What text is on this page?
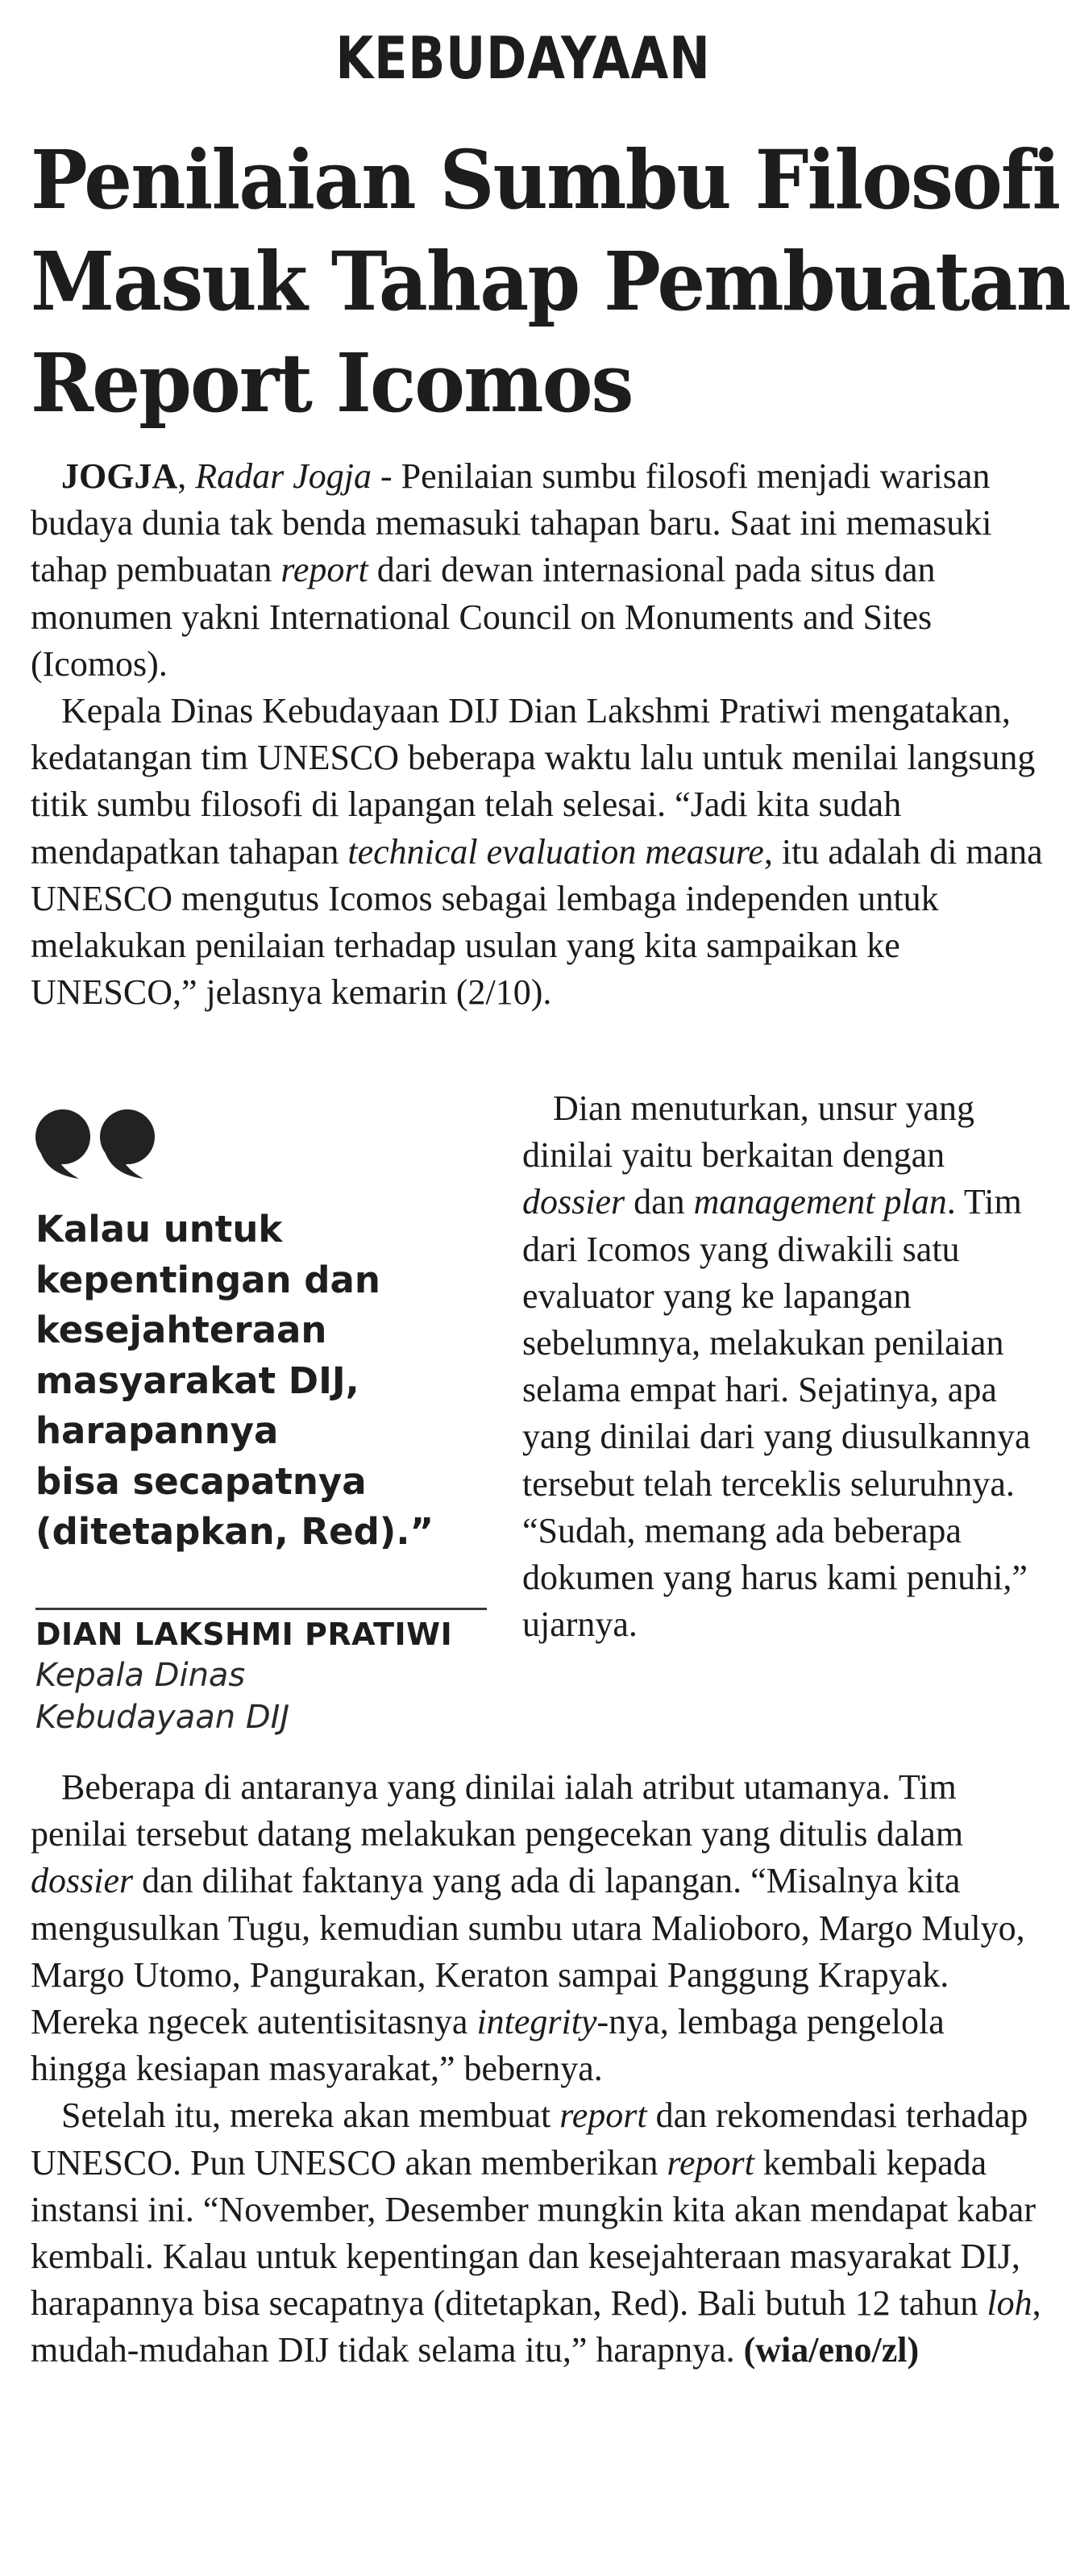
KEBUDAYAAN
Penilaian Sumbu Filosofi
Masuk Tahap Pembuatan
Report Icomos

JOGJA, Radar Jogja - Penilaian sumbu filosofi menjadi warisan budaya dunia tak benda memasuki tahapan baru. Saat ini memasuki tahap pembuatan report dari dewan internasional pada situs dan monumen yakni International Council on Monuments and Sites (Icomos).

Kepala Dinas Kebudayaan DIJ Dian Lakshmi Pratiwi mengatakan, kedatangan tim UNESCO beberapa waktu lalu untuk menilai langsung titik sumbu filosofi di lapangan telah selesai. “Jadi kita sudah mendapatkan tahapan technical evaluation measure, itu adalah di mana UNESCO mengutus Icomos sebagai lembaga independen untuk melakukan penilaian terhadap usulan yang kita sampaikan ke UNESCO,” jelasnya kemarin (2/10).

Kalau untuk
kepentingan dan
kesejahteraan
masyarakat DIJ,
harapannya
bisa secapatnya
(ditetapkan, Red).”
DIAN LAKSHMI PRATIWI
Kepala Dinas
Kebudayaan DIJ

Dian menuturkan, unsur yang dinilai yaitu berkaitan dengan dossier dan management plan. Tim dari Icomos yang diwakili satu evaluator yang ke lapangan sebelumnya, melakukan penilaian selama empat hari. Sejatinya, apa yang dinilai dari yang diusulkannya tersebut telah terceklis seluruhnya. “Sudah, memang ada beberapa dokumen yang harus kami penuhi,” ujarnya.

Beberapa di antaranya yang dinilai ialah atribut utamanya. Tim penilai tersebut datang melakukan pengecekan yang ditulis dalam dossier dan dilihat faktanya yang ada di lapangan. “Misalnya kita mengusulkan Tugu, kemudian sumbu utara Malioboro, Margo Mulyo, Margo Utomo, Pangurakan, Keraton sampai Panggung Krapyak. Mereka ngecek autentisitasnya integrity-nya, lembaga pengelola hingga kesiapan masyarakat,” bebernya.

Setelah itu, mereka akan membuat report dan rekomendasi terhadap UNESCO. Pun UNESCO akan memberikan report kembali kepada instansi ini. “November, Desember mungkin kita akan mendapat kabar kembali. Kalau untuk kepentingan dan kesejahteraan masyarakat DIJ, harapannya bisa secapatnya (ditetapkan, Red). Bali butuh 12 tahun loh, mudah-mudahan DIJ tidak selama itu,” harapnya. (wia/eno/zl)
